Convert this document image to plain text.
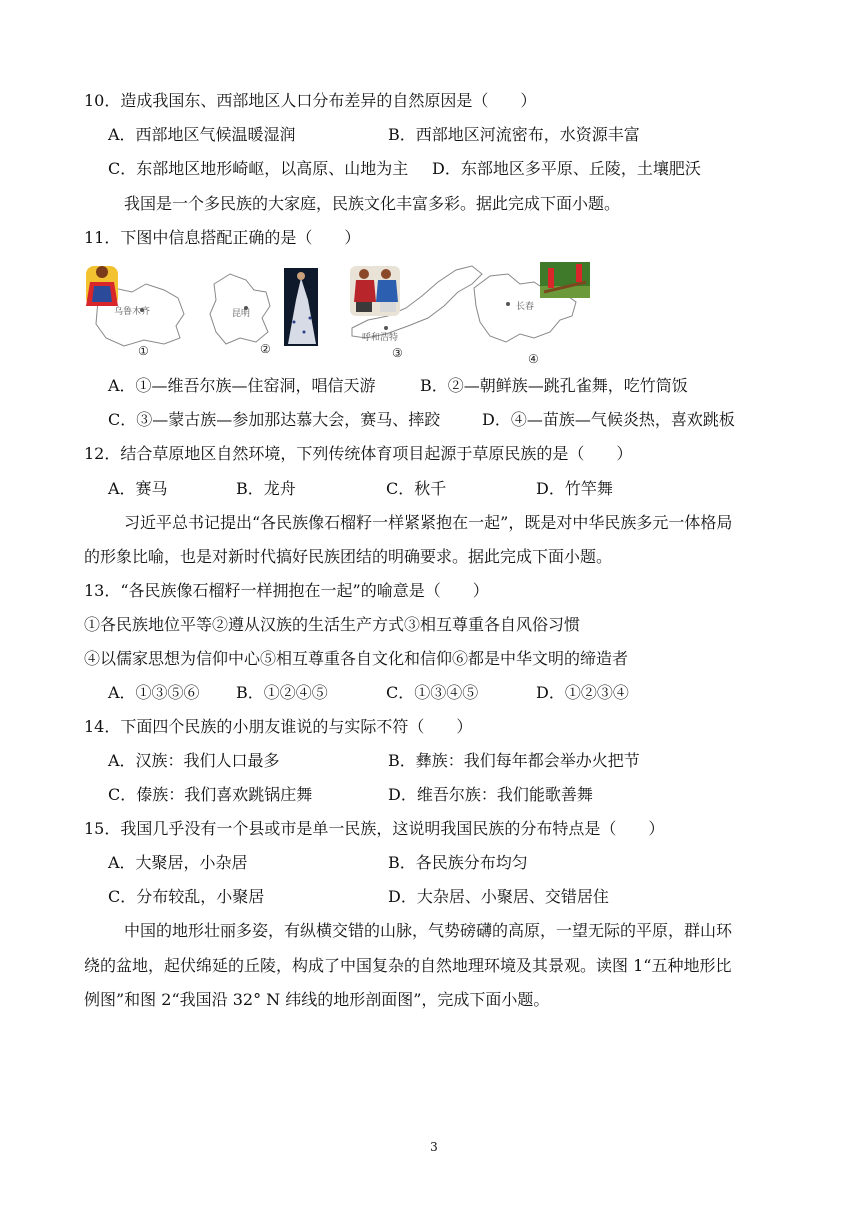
10．造成我国东、西部地区人口分布差异的自然原因是（　　）
A．西部地区气候温暖湿润	B．西部地区河流密布，水资源丰富
C．东部地区地形崎岖，以高原、山地为主 D．东部地区多平原、丘陵，土壤肥沃
我国是一个多民族的大家庭，民族文化丰富多彩。据此完成下面小题。
11．下图中信息搭配正确的是（　　）
乌鲁木齐
①
昆明
②
呼和浩特
③
长春
④
A．①—维吾尔族—住窑洞，唱信天游	B．②—朝鲜族—跳孔雀舞，吃竹筒饭
C．③—蒙古族—参加那达慕大会，赛马、摔跤	D．④—苗族—气候炎热，喜欢跳板
12．结合草原地区自然环境，下列传统体育项目起源于草原民族的是（　　）
A．赛马	B．龙舟	C．秋千	D．竹竿舞
习近平总书记提出“各民族像石榴籽一样紧紧抱在一起”，既是对中华民族多元一体格局
的形象比喻，也是对新时代搞好民族团结的明确要求。据此完成下面小题。
13．“各民族像石榴籽一样拥抱在一起”的喻意是（　　）
①各民族地位平等②遵从汉族的生活生产方式③相互尊重各自风俗习惯
④以儒家思想为信仰中心⑤相互尊重各自文化和信仰⑥都是中华文明的缔造者
A．①③⑤⑥ B．①②④⑤	C．①③④⑤	D．①②③④
14．下面四个民族的小朋友谁说的与实际不符（　　）
A．汉族：我们人口最多	B．彝族：我们每年都会举办火把节
C．傣族：我们喜欢跳锅庄舞	D．维吾尔族：我们能歌善舞
15．我国几乎没有一个县或市是单一民族，这说明我国民族的分布特点是（　　）
A．大聚居，小杂居	B．各民族分布均匀
C．分布较乱，小聚居	D．大杂居、小聚居、交错居住
中国的地形壮丽多姿，有纵横交错的山脉，气势磅礴的高原，一望无际的平原，群山环
绕的盆地，起伏绵延的丘陵，构成了中国复杂的自然地理环境及其景观。读图 1“五种地形比
例图”和图 2“我国沿 32° N 纬线的地形剖面图”，完成下面小题。
3
